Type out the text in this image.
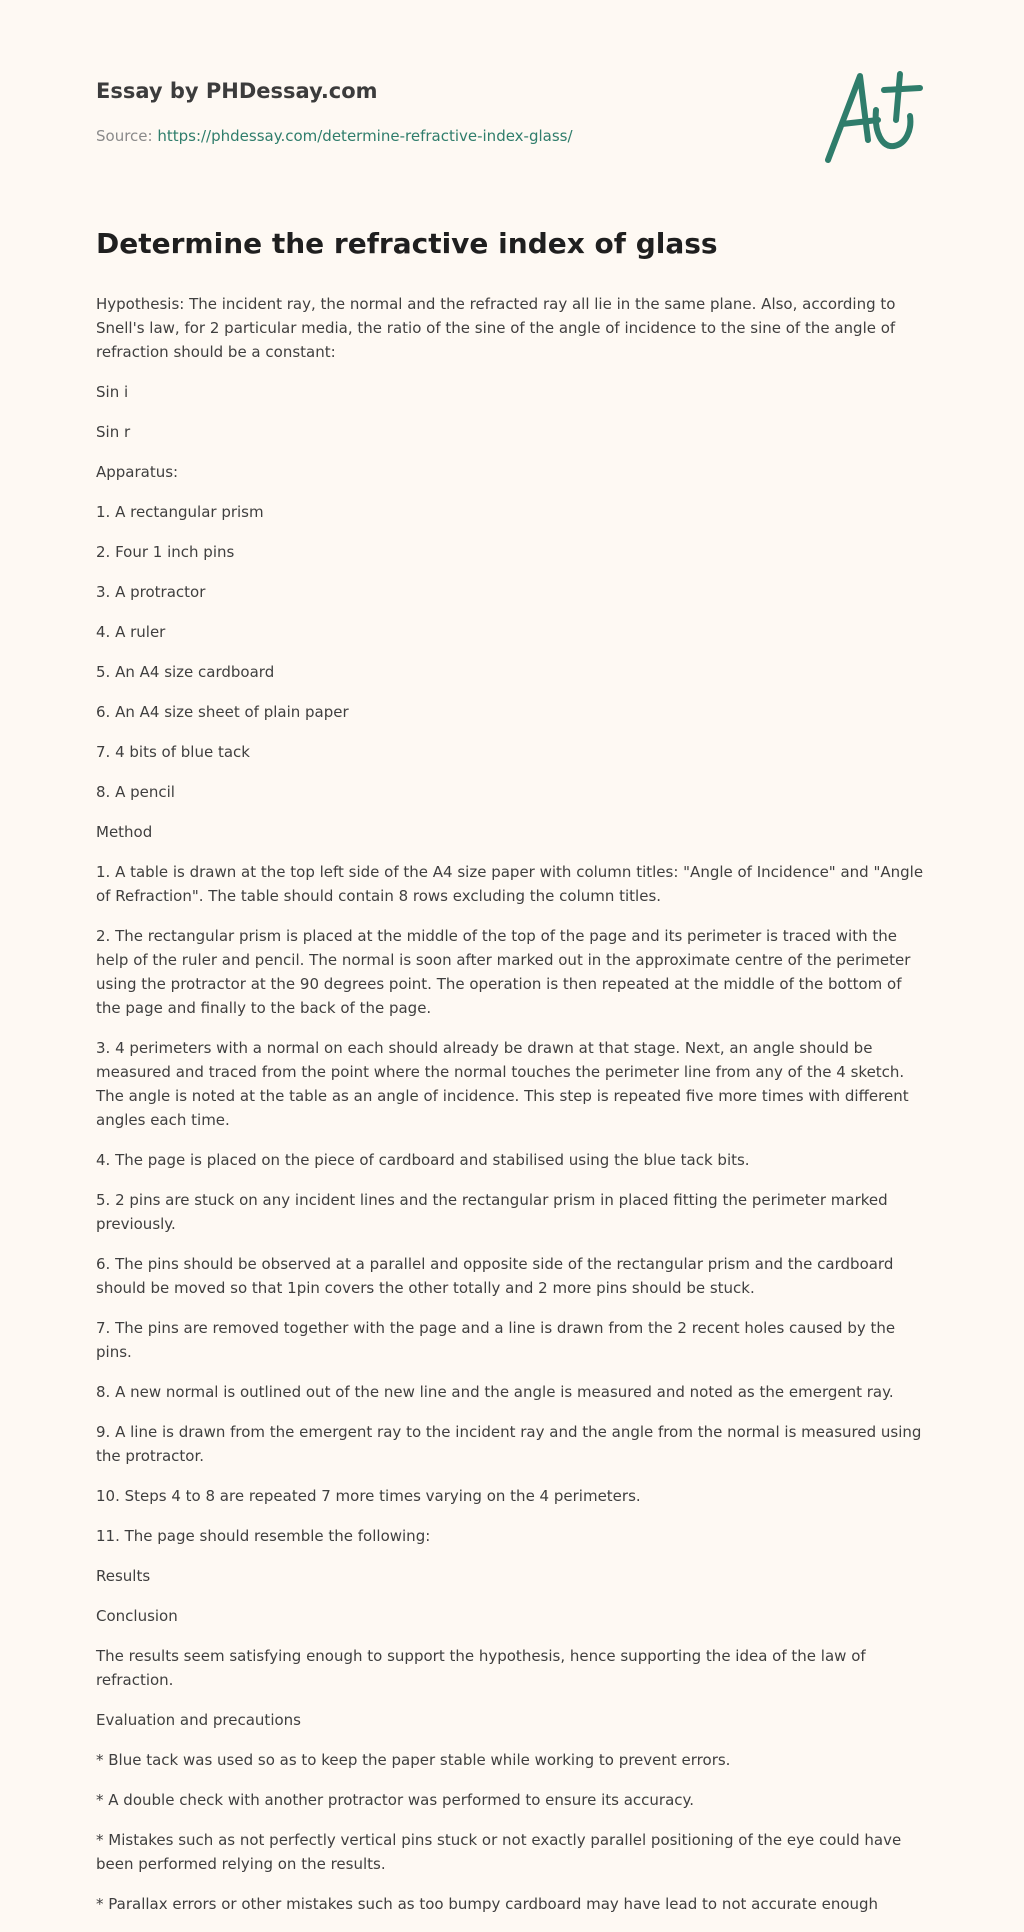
Essay by PHDessay.com

Source: https://phdessay.com/determine-refractive-index-glass/
Determine the refractive index of glass

Hypothesis: The incident ray, the normal and the refracted ray all lie in the same plane. Also, according to Snell's law, for 2 particular media, the ratio of the sine of the angle of incidence to the sine of the angle of refraction should be a constant:

Sin i

Sin r

Apparatus:

1. A rectangular prism

2. Four 1 inch pins

3. A protractor

4. A ruler

5. An A4 size cardboard

6. An A4 size sheet of plain paper

7. 4 bits of blue tack

8. A pencil

Method

1. A table is drawn at the top left side of the A4 size paper with column titles: "Angle of Incidence" and "Angle of Refraction". The table should contain 8 rows excluding the column titles.

2. The rectangular prism is placed at the middle of the top of the page and its perimeter is traced with the help of the ruler and pencil. The normal is soon after marked out in the approximate centre of the perimeter using the protractor at the 90 degrees point. The operation is then repeated at the middle of the bottom of the page and finally to the back of the page.

3. 4 perimeters with a normal on each should already be drawn at that stage. Next, an angle should be measured and traced from the point where the normal touches the perimeter line from any of the 4 sketch. The angle is noted at the table as an angle of incidence. This step is repeated five more times with different angles each time.

4. The page is placed on the piece of cardboard and stabilised using the blue tack bits.

5. 2 pins are stuck on any incident lines and the rectangular prism in placed fitting the perimeter marked previously.

6. The pins should be observed at a parallel and opposite side of the rectangular prism and the cardboard should be moved so that 1pin covers the other totally and 2 more pins should be stuck.

7. The pins are removed together with the page and a line is drawn from the 2 recent holes caused by the pins.

8. A new normal is outlined out of the new line and the angle is measured and noted as the emergent ray.

9. A line is drawn from the emergent ray to the incident ray and the angle from the normal is measured using the protractor.

10. Steps 4 to 8 are repeated 7 more times varying on the 4 perimeters.

11. The page should resemble the following:

Results

Conclusion

The results seem satisfying enough to support the hypothesis, hence supporting the idea of the law of refraction.

Evaluation and precautions

* Blue tack was used so as to keep the paper stable while working to prevent errors.

* A double check with another protractor was performed to ensure its accuracy.

* Mistakes such as not perfectly vertical pins stuck or not exactly parallel positioning of the eye could have been performed relying on the results.

* Parallax errors or other mistakes such as too bumpy cardboard may have lead to not accurate enough
